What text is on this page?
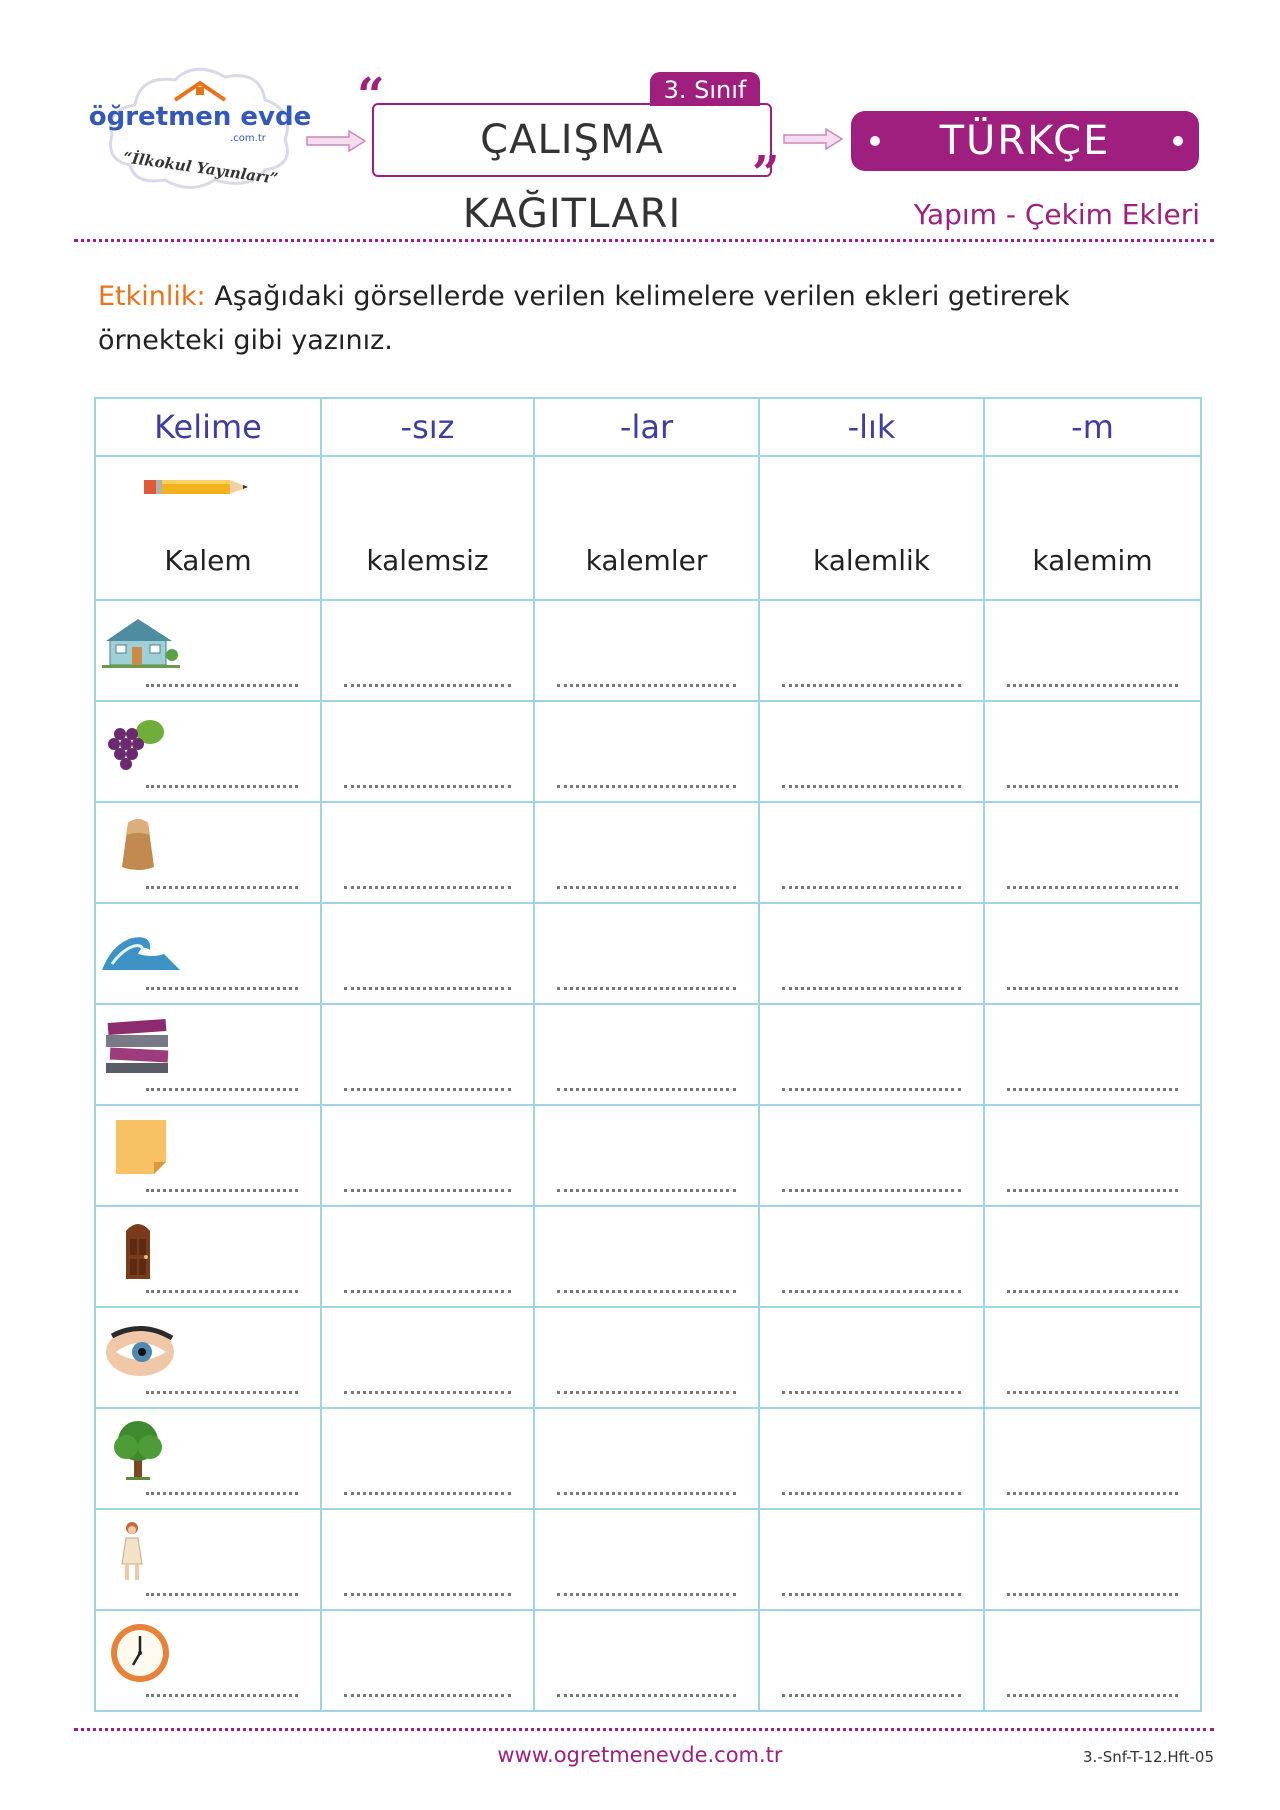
öğretmen evde
.com.tr
“İlkokul Yayınları”
“
”
3. Sınıf
ÇALIŞMA KAĞITLARI
TÜRKÇE
Yapım - Çekim Ekleri
Etkinlik: Aşağıdaki görsellerde verilen kelimelere verilen ekleri getirerek örnekteki gibi yazınız.
Kelime	-sız	-lar	-lık	-m

Kalem	kalemsiz	kalemler	kalemlik	kalemim

www.ogretmenevde.com.tr	3.-Snf-T-12.Hft-05
